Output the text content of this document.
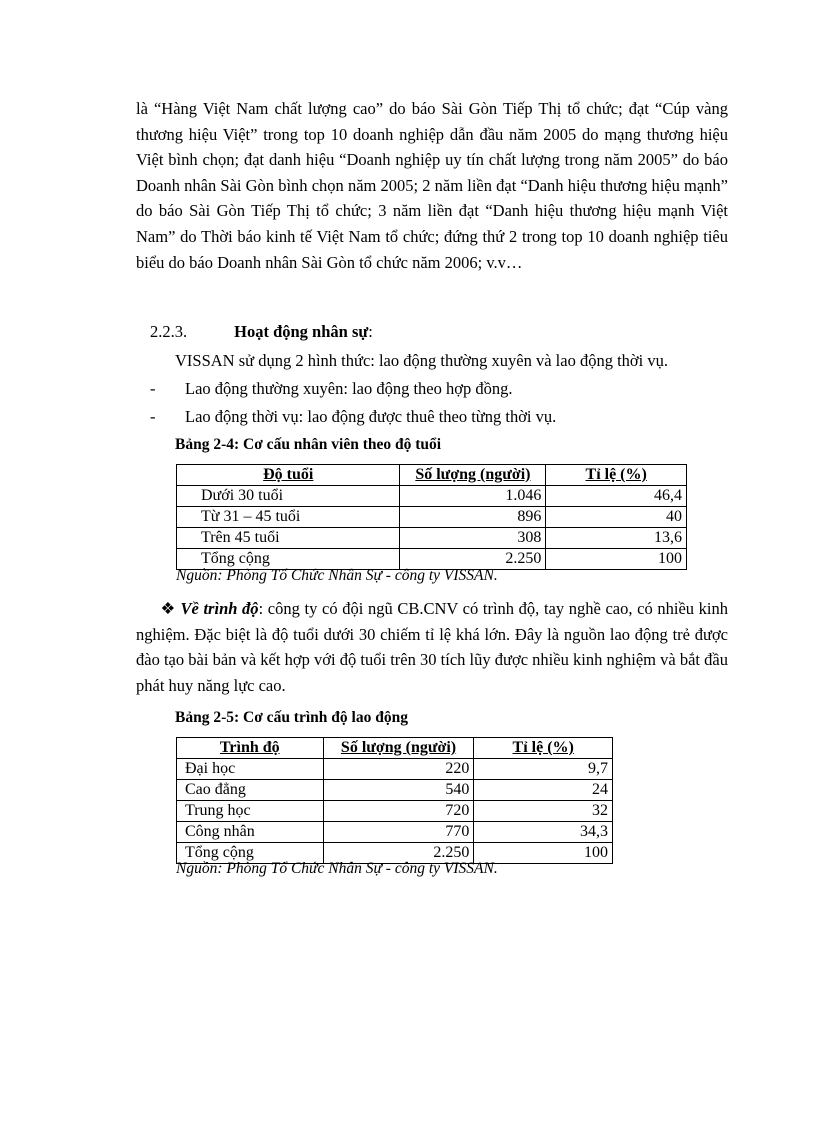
là “Hàng Việt Nam chất lượng cao” do báo Sài Gòn Tiếp Thị tổ chức; đạt “Cúp vàng thương hiệu Việt” trong top 10 doanh nghiệp dẫn đầu năm 2005 do mạng thương hiệu Việt bình chọn; đạt danh hiệu “Doanh nghiệp uy tín chất lượng trong năm 2005” do báo Doanh nhân Sài Gòn bình chọn năm 2005; 2 năm liền đạt “Danh hiệu thương hiệu mạnh” do báo Sài Gòn Tiếp Thị tổ chức; 3 năm liền đạt “Danh hiệu thương hiệu mạnh Việt Nam” do Thời báo kinh tế Việt Nam tổ chức; đứng thứ 2 trong top 10 doanh nghiệp tiêu biểu do báo Doanh nhân Sài Gòn tổ chức năm 2006; v.v…

2.2.3.	Hoạt động nhân sự:
VISSAN sử dụng 2 hình thức: lao động thường xuyên và lao động thời vụ.
- Lao động thường xuyên: lao động theo hợp đồng.
- Lao động thời vụ: lao động được thuê theo từng thời vụ.
Bảng 2-4: Cơ cấu nhân viên theo độ tuổi
Độ tuổi	Số lượng (người)	Tỉ lệ (%)
Dưới 30 tuổi	1.046	46,4
Từ 31 – 45 tuổi	896	40
Trên 45 tuổi	308	13,6
Tổng cộng	2.250	100
Nguồn: Phòng Tổ Chức Nhân Sự - công ty VISSAN.

❖ Về trình độ: công ty có đội ngũ CB.CNV có trình độ, tay nghề cao, có nhiều kinh nghiệm. Đặc biệt là độ tuổi dưới 30 chiếm tỉ lệ khá lớn. Đây là nguồn lao động trẻ được đào tạo bài bản và kết hợp với độ tuổi trên 30 tích lũy được nhiều kinh nghiệm và bắt đầu phát huy năng lực cao.

Bảng 2-5: Cơ cấu trình độ lao động
Trình độ	Số lượng (người)	Tỉ lệ (%)
Đại học	220	9,7
Cao đẳng	540	24
Trung học	720	32
Công nhân	770	34,3
Tổng cộng	2.250	100
Nguồn: Phòng Tổ Chức Nhân Sự - công ty VISSAN.
